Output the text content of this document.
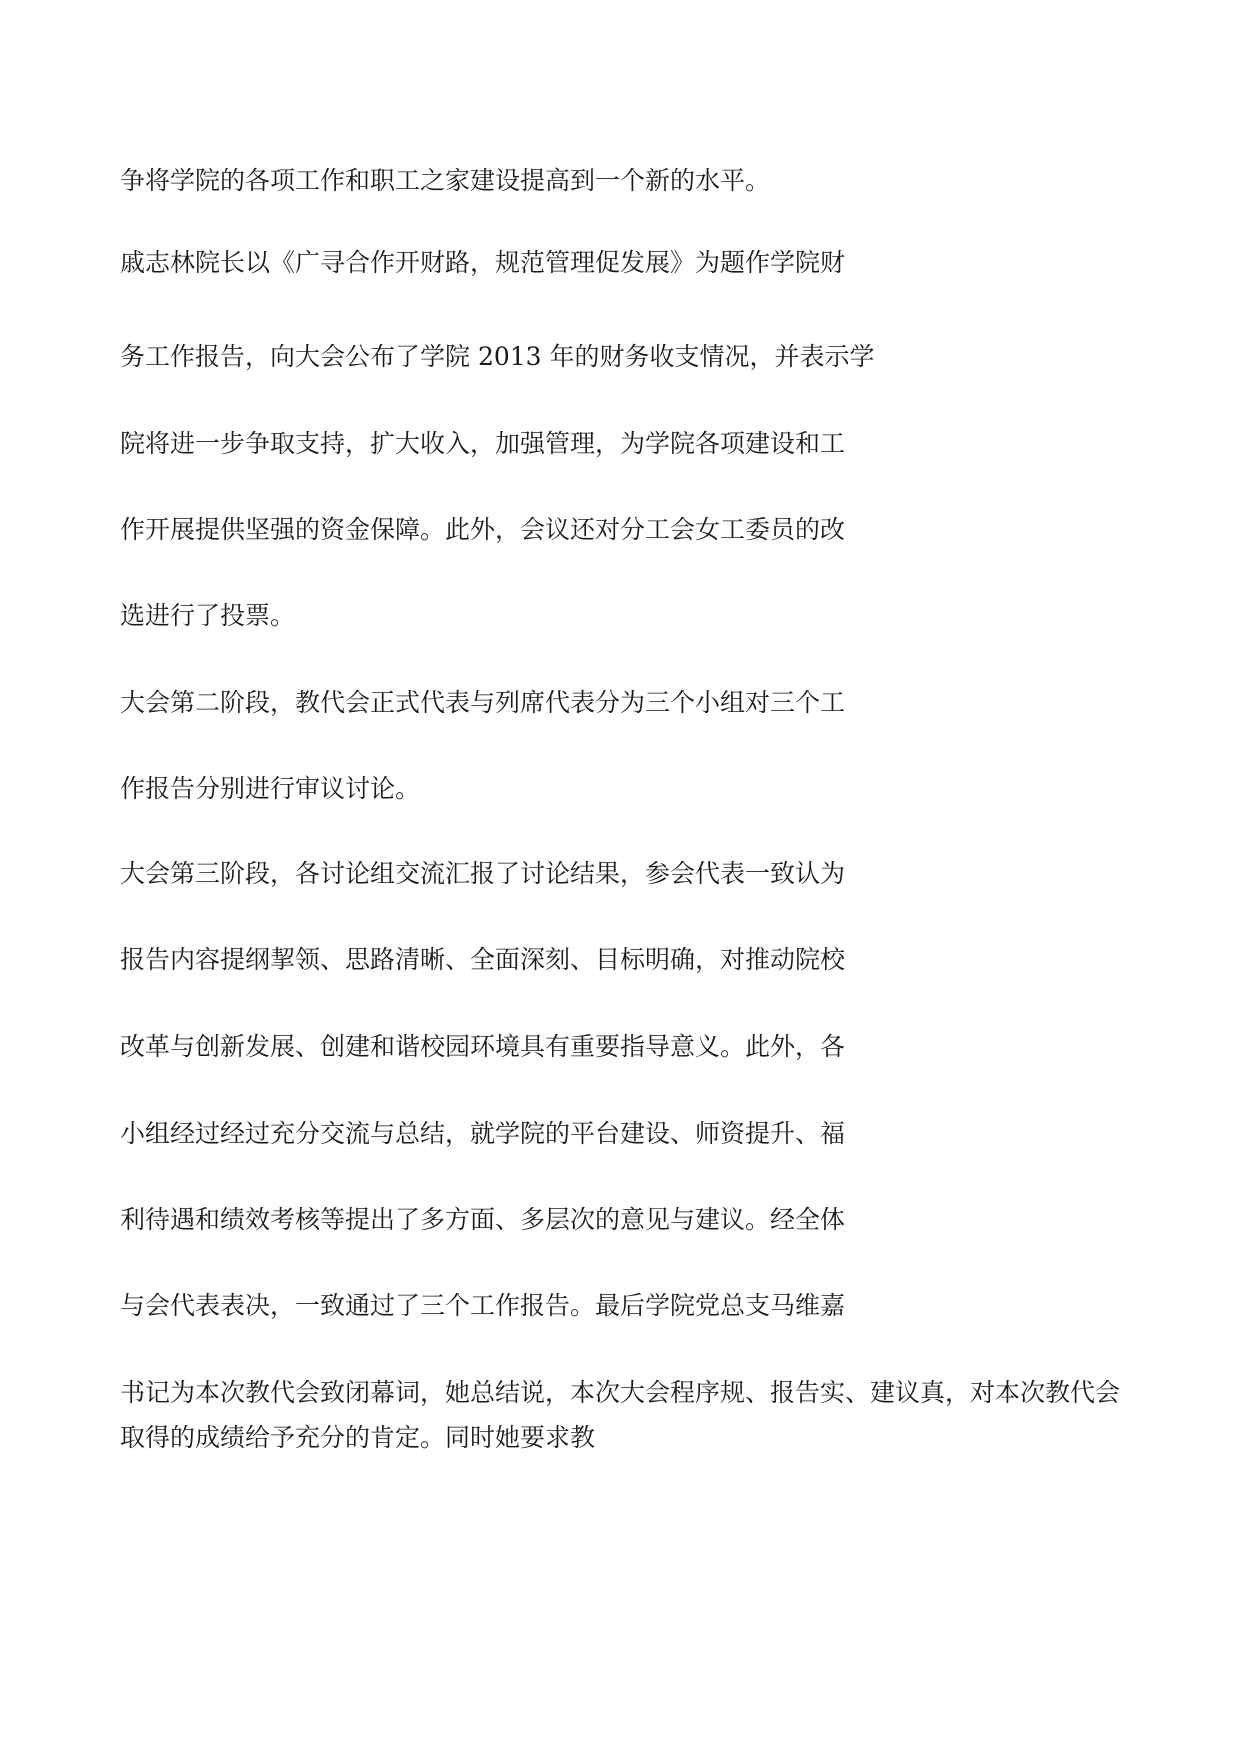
争将学院的各项工作和职工之家建设提高到一个新的水平。

戚志林院长以《广寻合作开财路，规范管理促发展》为题作学院财

务工作报告，向大会公布了学院 2013 年的财务收支情况，并表示学

院将进一步争取支持，扩大收入，加强管理，为学院各项建设和工

作开展提供坚强的资金保障。此外，会议还对分工会女工委员的改

选进行了投票。

大会第二阶段，教代会正式代表与列席代表分为三个小组对三个工

作报告分别进行审议讨论。

大会第三阶段，各讨论组交流汇报了讨论结果，参会代表一致认为

报告内容提纲挈领、思路清晰、全面深刻、目标明确，对推动院校

改革与创新发展、创建和谐校园环境具有重要指导意义。此外，各

小组经过经过充分交流与总结，就学院的平台建设、师资提升、福

利待遇和绩效考核等提出了多方面、多层次的意见与建议。经全体

与会代表表决，一致通过了三个工作报告。最后学院党总支马维嘉

书记为本次教代会致闭幕词，她总结说，本次大会程序规、报告实、建议真，对本次教代会

取得的成绩给予充分的肯定。同时她要求教
